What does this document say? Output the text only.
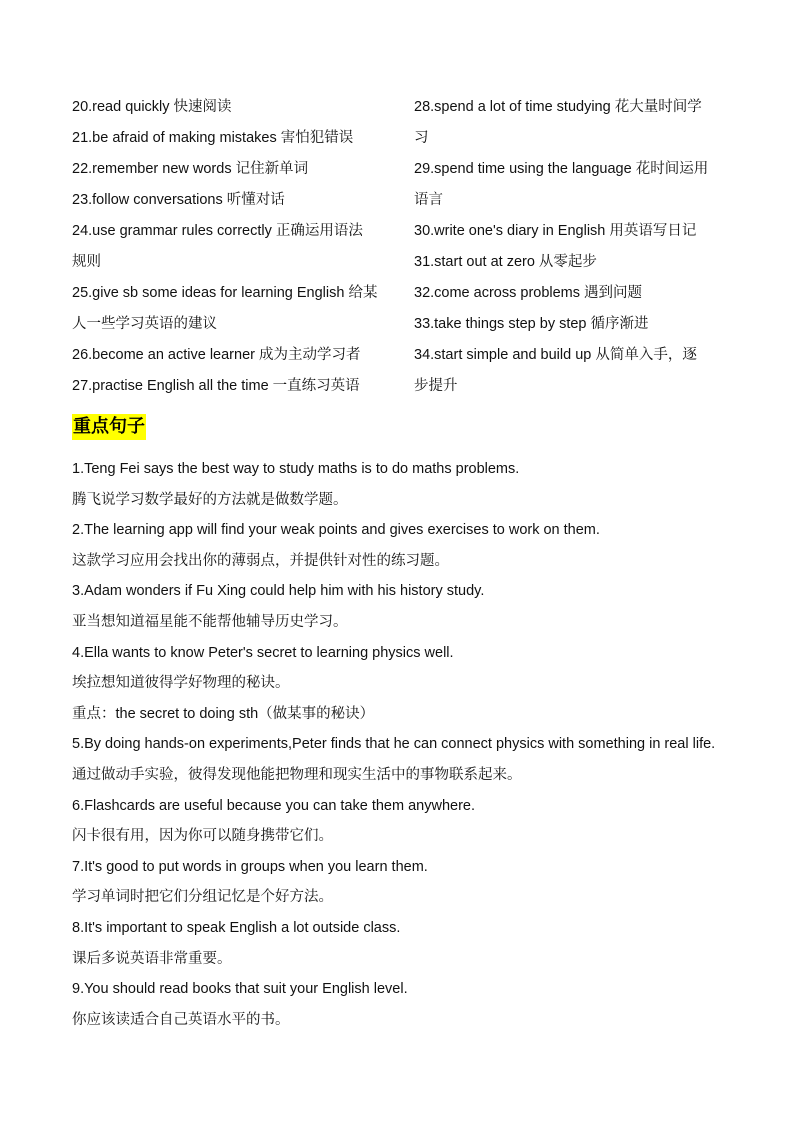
20.read quickly 快速阅读

21.be afraid of making mistakes 害怕犯错误

22.remember new words 记住新单词

23.follow conversations 听懂对话

24.use grammar rules correctly 正确运用语法

规则

25.give sb some ideas for learning English 给某

人一些学习英语的建议

26.become an active learner 成为主动学习者

27.practise English all the time 一直练习英语

28.spend a lot of time studying 花大量时间学

习

29.spend time using the language 花时间运用

语言

30.write one's diary in English 用英语写日记

31.start out at zero 从零起步

32.come across problems 遇到问题

33.take things step by step 循序渐进

34.start simple and build up 从简单入手，逐

步提升

重点句子

1.Teng Fei says the best way to study maths is to do maths problems.

腾飞说学习数学最好的方法就是做数学题。

2.The learning app will find your weak points and gives exercises to work on them.

这款学习应用会找出你的薄弱点，并提供针对性的练习题。

3.Adam wonders if Fu Xing could help him with his history study.

亚当想知道福星能不能帮他辅导历史学习。

4.Ella wants to know Peter's secret to learning physics well.

埃拉想知道彼得学好物理的秘诀。

重点：the secret to doing sth（做某事的秘诀）

5.By doing hands-on experiments,Peter finds that he can connect physics with something in real life.

通过做动手实验，彼得发现他能把物理和现实生活中的事物联系起来。

6.Flashcards are useful because you can take them anywhere.

闪卡很有用，因为你可以随身携带它们。

7.It's good to put words in groups when you learn them.

学习单词时把它们分组记忆是个好方法。

8.It's important to speak English a lot outside class.

课后多说英语非常重要。

9.You should read books that suit your English level.

你应该读适合自己英语水平的书。
